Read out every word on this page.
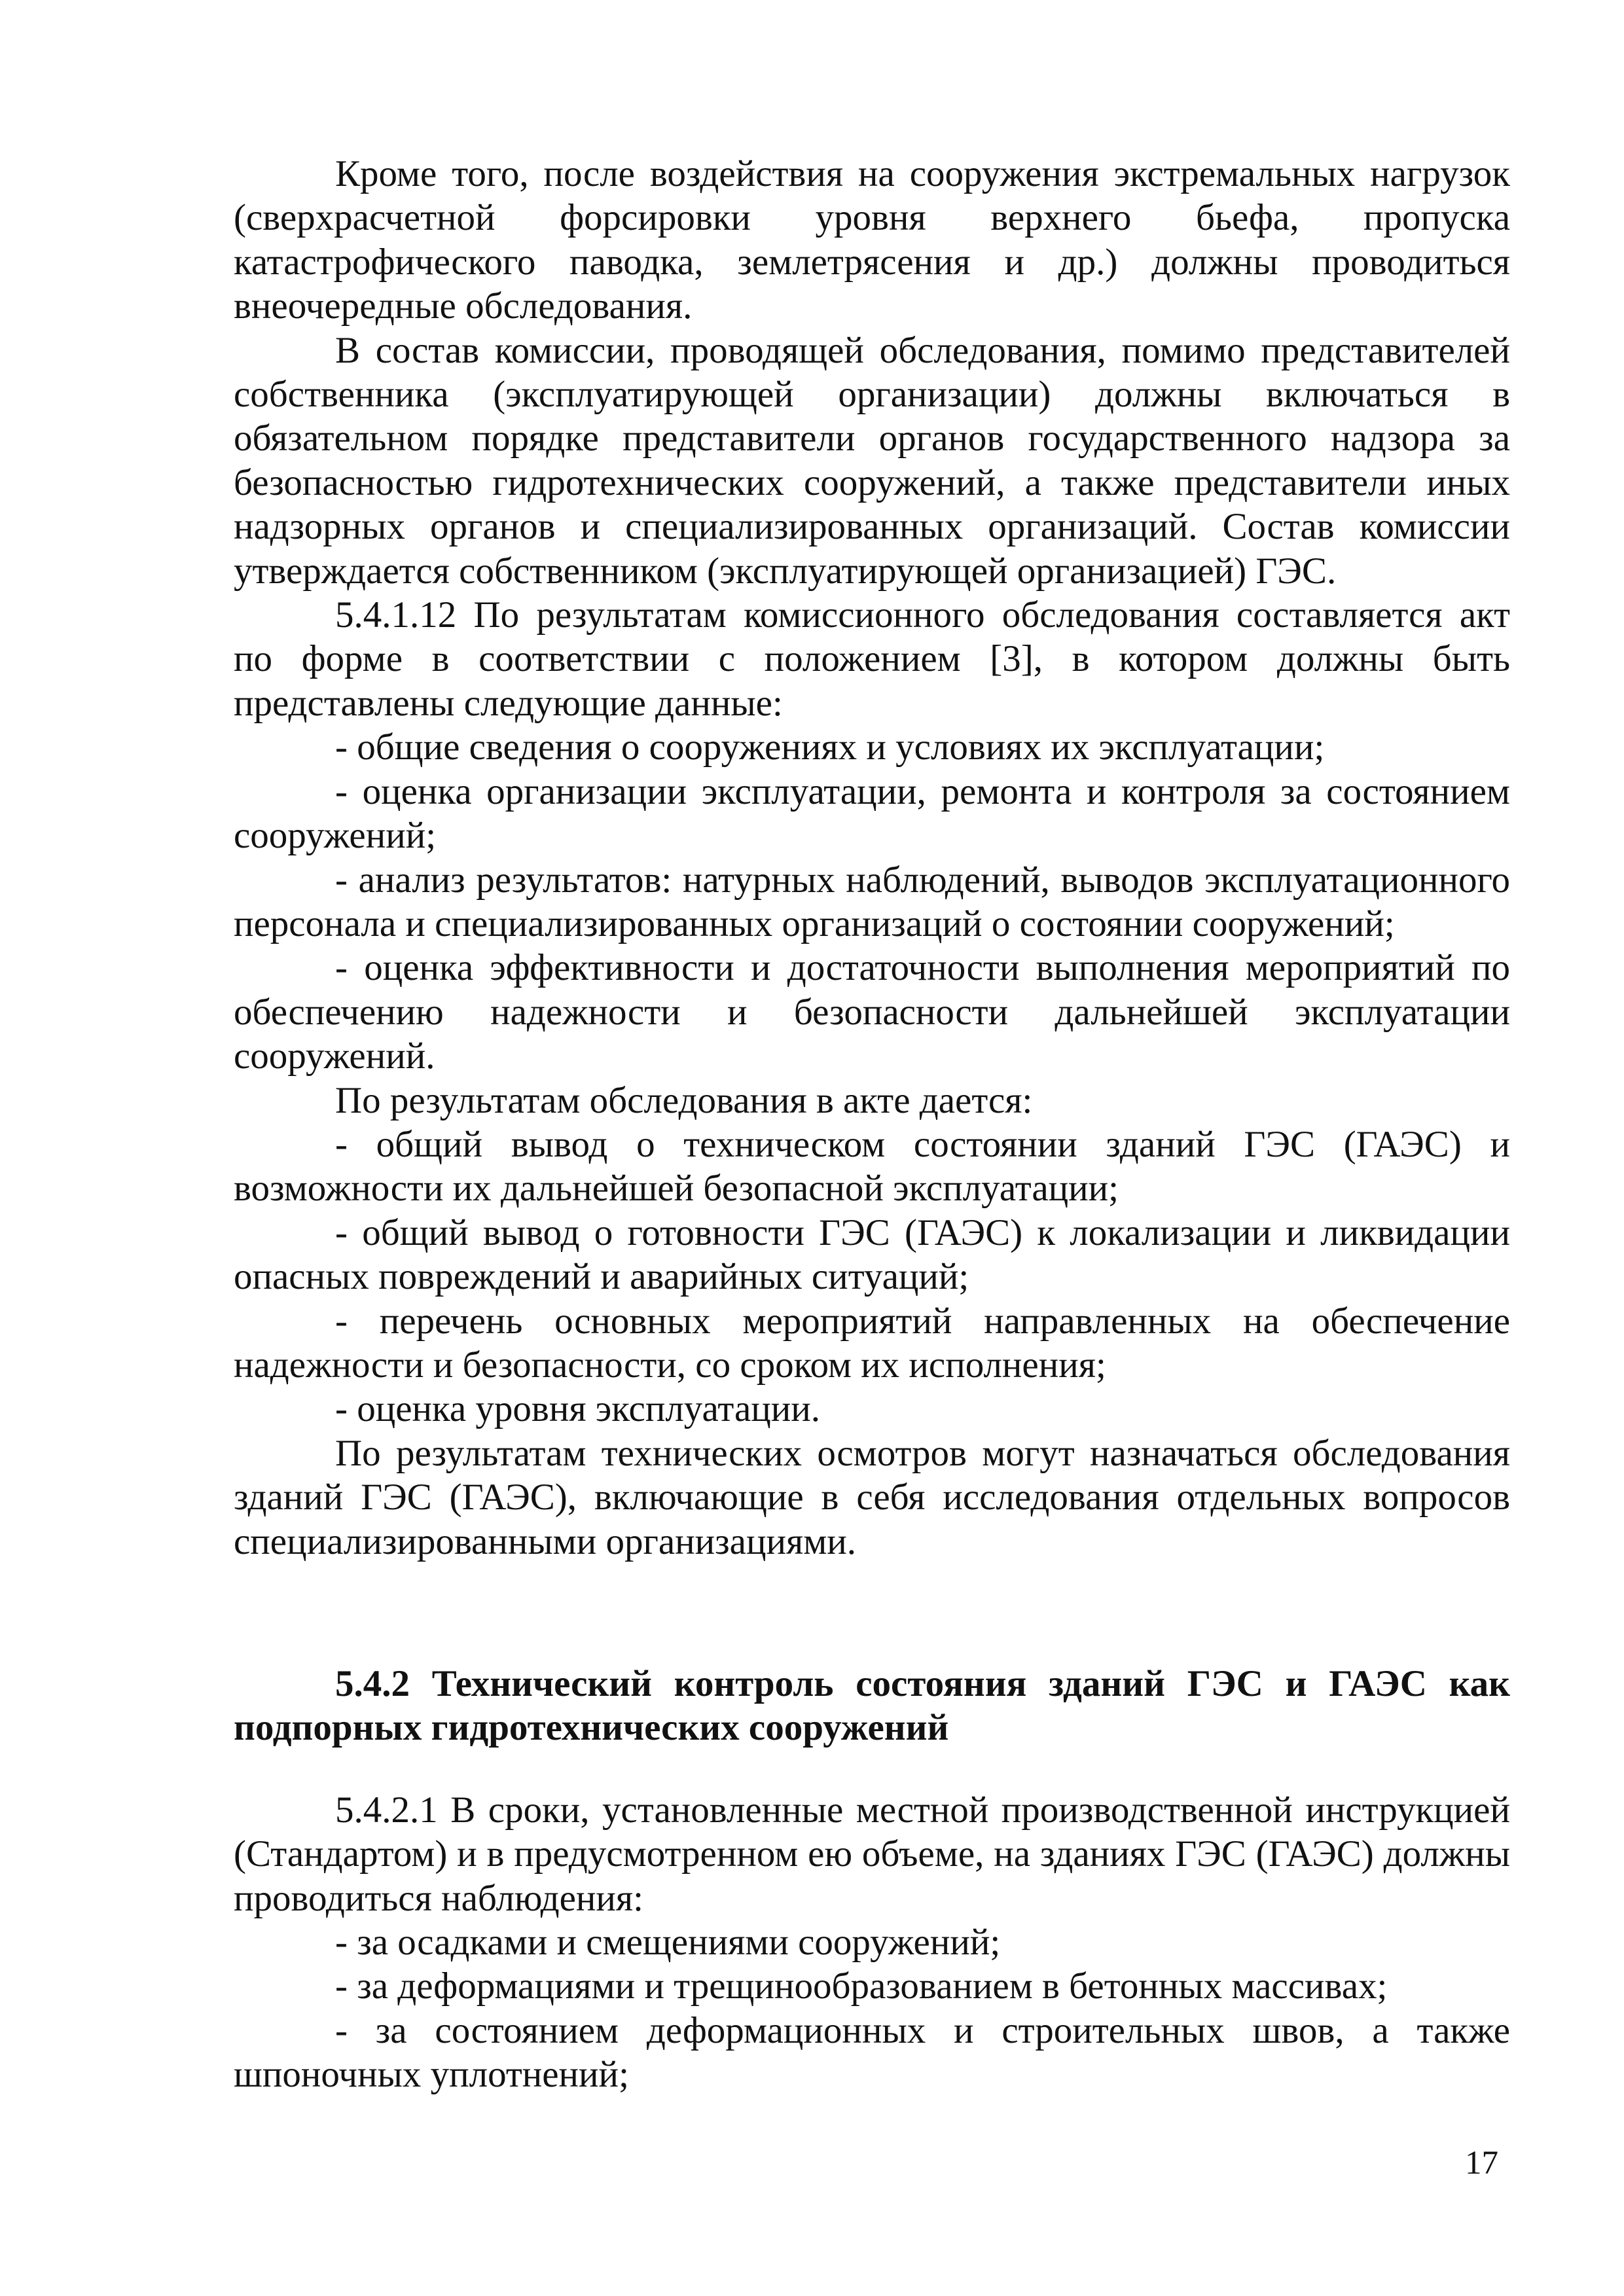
Кроме того, после воздействия на сооружения экстремальных нагрузок (сверхрасчетной форсировки уровня верхнего бьефа, пропуска катастрофического паводка, землетрясения и др.) должны проводиться внеочередные обследования.

В состав комиссии, проводящей обследования, помимо представителей собственника (эксплуатирующей организации) должны включаться в обязательном порядке представители органов государственного надзора за безопасностью гидротехнических сооружений, а также представители иных надзорных органов и специализированных организаций. Состав комиссии утверждается собственником (эксплуатирующей организацией) ГЭС.

5.4.1.12 По результатам комиссионного обследования составляется акт по форме в соответствии с положением [3], в котором должны быть представлены следующие данные:

- общие сведения о сооружениях и условиях их эксплуатации;

- оценка организации эксплуатации, ремонта и контроля за состоянием сооружений;

- анализ результатов: натурных наблюдений, выводов эксплуатационного персонала и специализированных организаций о состоянии сооружений;

- оценка эффективности и достаточности выполнения мероприятий по обеспечению надежности и безопасности дальнейшей эксплуатации сооружений.

По результатам обследования в акте дается:

- общий вывод о техническом состоянии зданий ГЭС (ГАЭС) и возможности их дальнейшей безопасной эксплуатации;

- общий вывод о готовности ГЭС (ГАЭС) к локализации и ликвидации опасных повреждений и аварийных ситуаций;

- перечень основных мероприятий направленных на обеспечение надежности и безопасности, со сроком их исполнения;

- оценка уровня эксплуатации.

По результатам технических осмотров могут назначаться обследования зданий ГЭС (ГАЭС), включающие в себя исследования отдельных вопросов специализированными организациями.

5.4.2 Технический контроль состояния зданий ГЭС и ГАЭС как подпорных гидротехнических сооружений

5.4.2.1 В сроки, установленные местной производственной инструкцией (Стандартом) и в предусмотренном ею объеме, на зданиях ГЭС (ГАЭС) должны проводиться наблюдения:

- за осадками и смещениями сооружений;

- за деформациями и трещинообразованием в бетонных массивах;

- за состоянием деформационных и строительных швов, а также шпоночных уплотнений;

17
